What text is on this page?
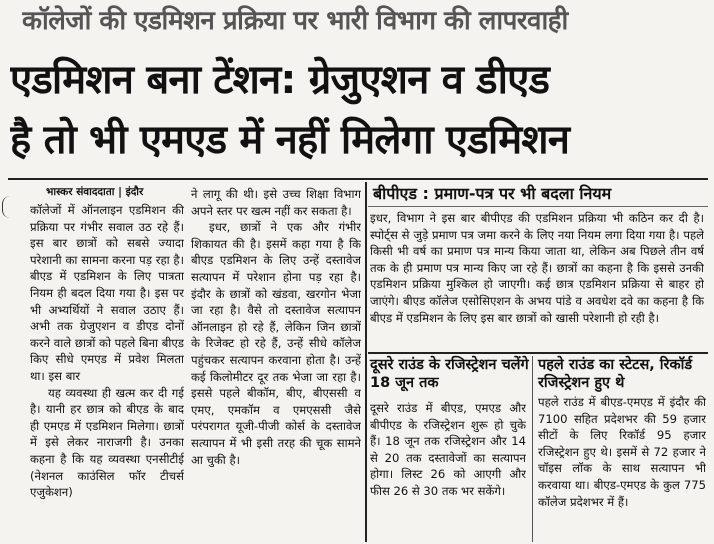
कॉलेजों की एडमिशन प्रक्रिया पर भारी विभाग की लापरवाही
एडमिशन बना टेंशन: ग्रेजुएशन व डीएड
है तो भी एमएड में नहीं मिलेगा एडमिशन
भास्कर संवाददाता | इंदौर

कॉलेजों में ऑनलाइन एडमिशन की प्रक्रिया पर गंभीर सवाल उठ रहे हैं। इस बार छात्रों को सबसे ज्यादा परेशानी का सामना करना पड़ रहा है। बीएड में एडमिशन के लिए पात्रता नियम ही बदल दिया गया है। इस पर भी अभ्यर्थियों ने सवाल उठाए हैं। अभी तक ग्रेजुएशन व डीएड दोनों करने वाले छात्रों को पहले बिना बीएड किए सीधे एमएड में प्रवेश मिलता था। इस बार

यह व्यवस्था ही खत्म कर दी गई है। यानी हर छात्र को बीएड के बाद ही एमएड में एडमिशन मिलेगा। छात्रों में इसे लेकर नाराजगी है। उनका कहना है कि यह व्यवस्था एनसीटीई (नेशनल काउंसिल फॉर टीचर्स एजुकेशन)

ने लागू की थी। इसे उच्च शिक्षा विभाग अपने स्तर पर खत्म नहीं कर सकता है।

इधर, छात्रों ने एक और गंभीर शिकायत की है। इसमें कहा गया है कि बीएड एडमिशन के लिए उन्हें दस्तावेज सत्यापन में परेशान होना पड़ रहा है। इंदौर के छात्रों को खंडवा, खरगोन भेजा जा रहा है। वैसे तो दस्तावेज सत्यापन ऑनलाइन हो रहे हैं, लेकिन जिन छात्रों के रिजेक्ट हो रहे हैं, उन्हें सीधे कॉलेज पहुंचकर सत्यापन करवाना होता है। उन्हें कई किलोमीटर दूर तक भेजा जा रहा है। इससे पहले बीकॉम, बीए, बीएससी व एमए, एमकॉम व एमएससी जैसे परंपरागत यूजी-पीजी कोर्स के दस्तावेज सत्यापन में भी इसी तरह की चूक सामने आ चुकी है।

बीपीएड : प्रमाण-पत्र पर भी बदला नियम

इधर, विभाग ने इस बार बीपीएड की एडमिशन प्रक्रिया भी कठिन कर दी है। स्पोर्ट्स से जुड़े प्रमाण पत्र जमा करने के लिए नया नियम लगा दिया गया है। पहले किसी भी वर्ष का प्रमाण पत्र मान्य किया जाता था, लेकिन अब पिछले तीन वर्ष तक के ही प्रमाण पत्र मान्य किए जा रहे हैं। छात्रों का कहना है कि इससे उनकी एडमिशन प्रक्रिया मुश्किल हो जाएगी। कई छात्र एडमिशन प्रक्रिया से बाहर हो जाएंगे। बीएड कॉलेज एसोसिएशन के अभय पांडे व अवधेश दवे का कहना है कि बीएड में एडमिशन के लिए इस बार छात्रों को खासी परेशानी हो रही है।

दूसरे राउंड के रजिस्ट्रेशन चलेंगे 18 जून तक

दूसरे राउंड में बीएड, एमएड और बीपीएड के रजिस्ट्रेशन शुरू हो चुके हैं। 18 जून तक रजिस्ट्रेशन और 14 से 20 तक दस्तावेजों का सत्यापन होगा। लिस्ट 26 को आएगी और फीस 26 से 30 तक भर सकेंगे।

पहले राउंड का स्टेटस, रिकॉर्ड रजिस्ट्रेशन हुए थे

पहले राउंड में बीएड-एमएड में इंदौर की 7100 सहित प्रदेशभर की 59 हजार सीटों के लिए रिकॉर्ड 95 हजार रजिस्ट्रेशन हुए थे। इसमें से 72 हजार ने चॉइस लॉक के साथ सत्यापन भी करवाया था। बीएड-एमएड के कुल 775 कॉलेज प्रदेशभर में हैं।
